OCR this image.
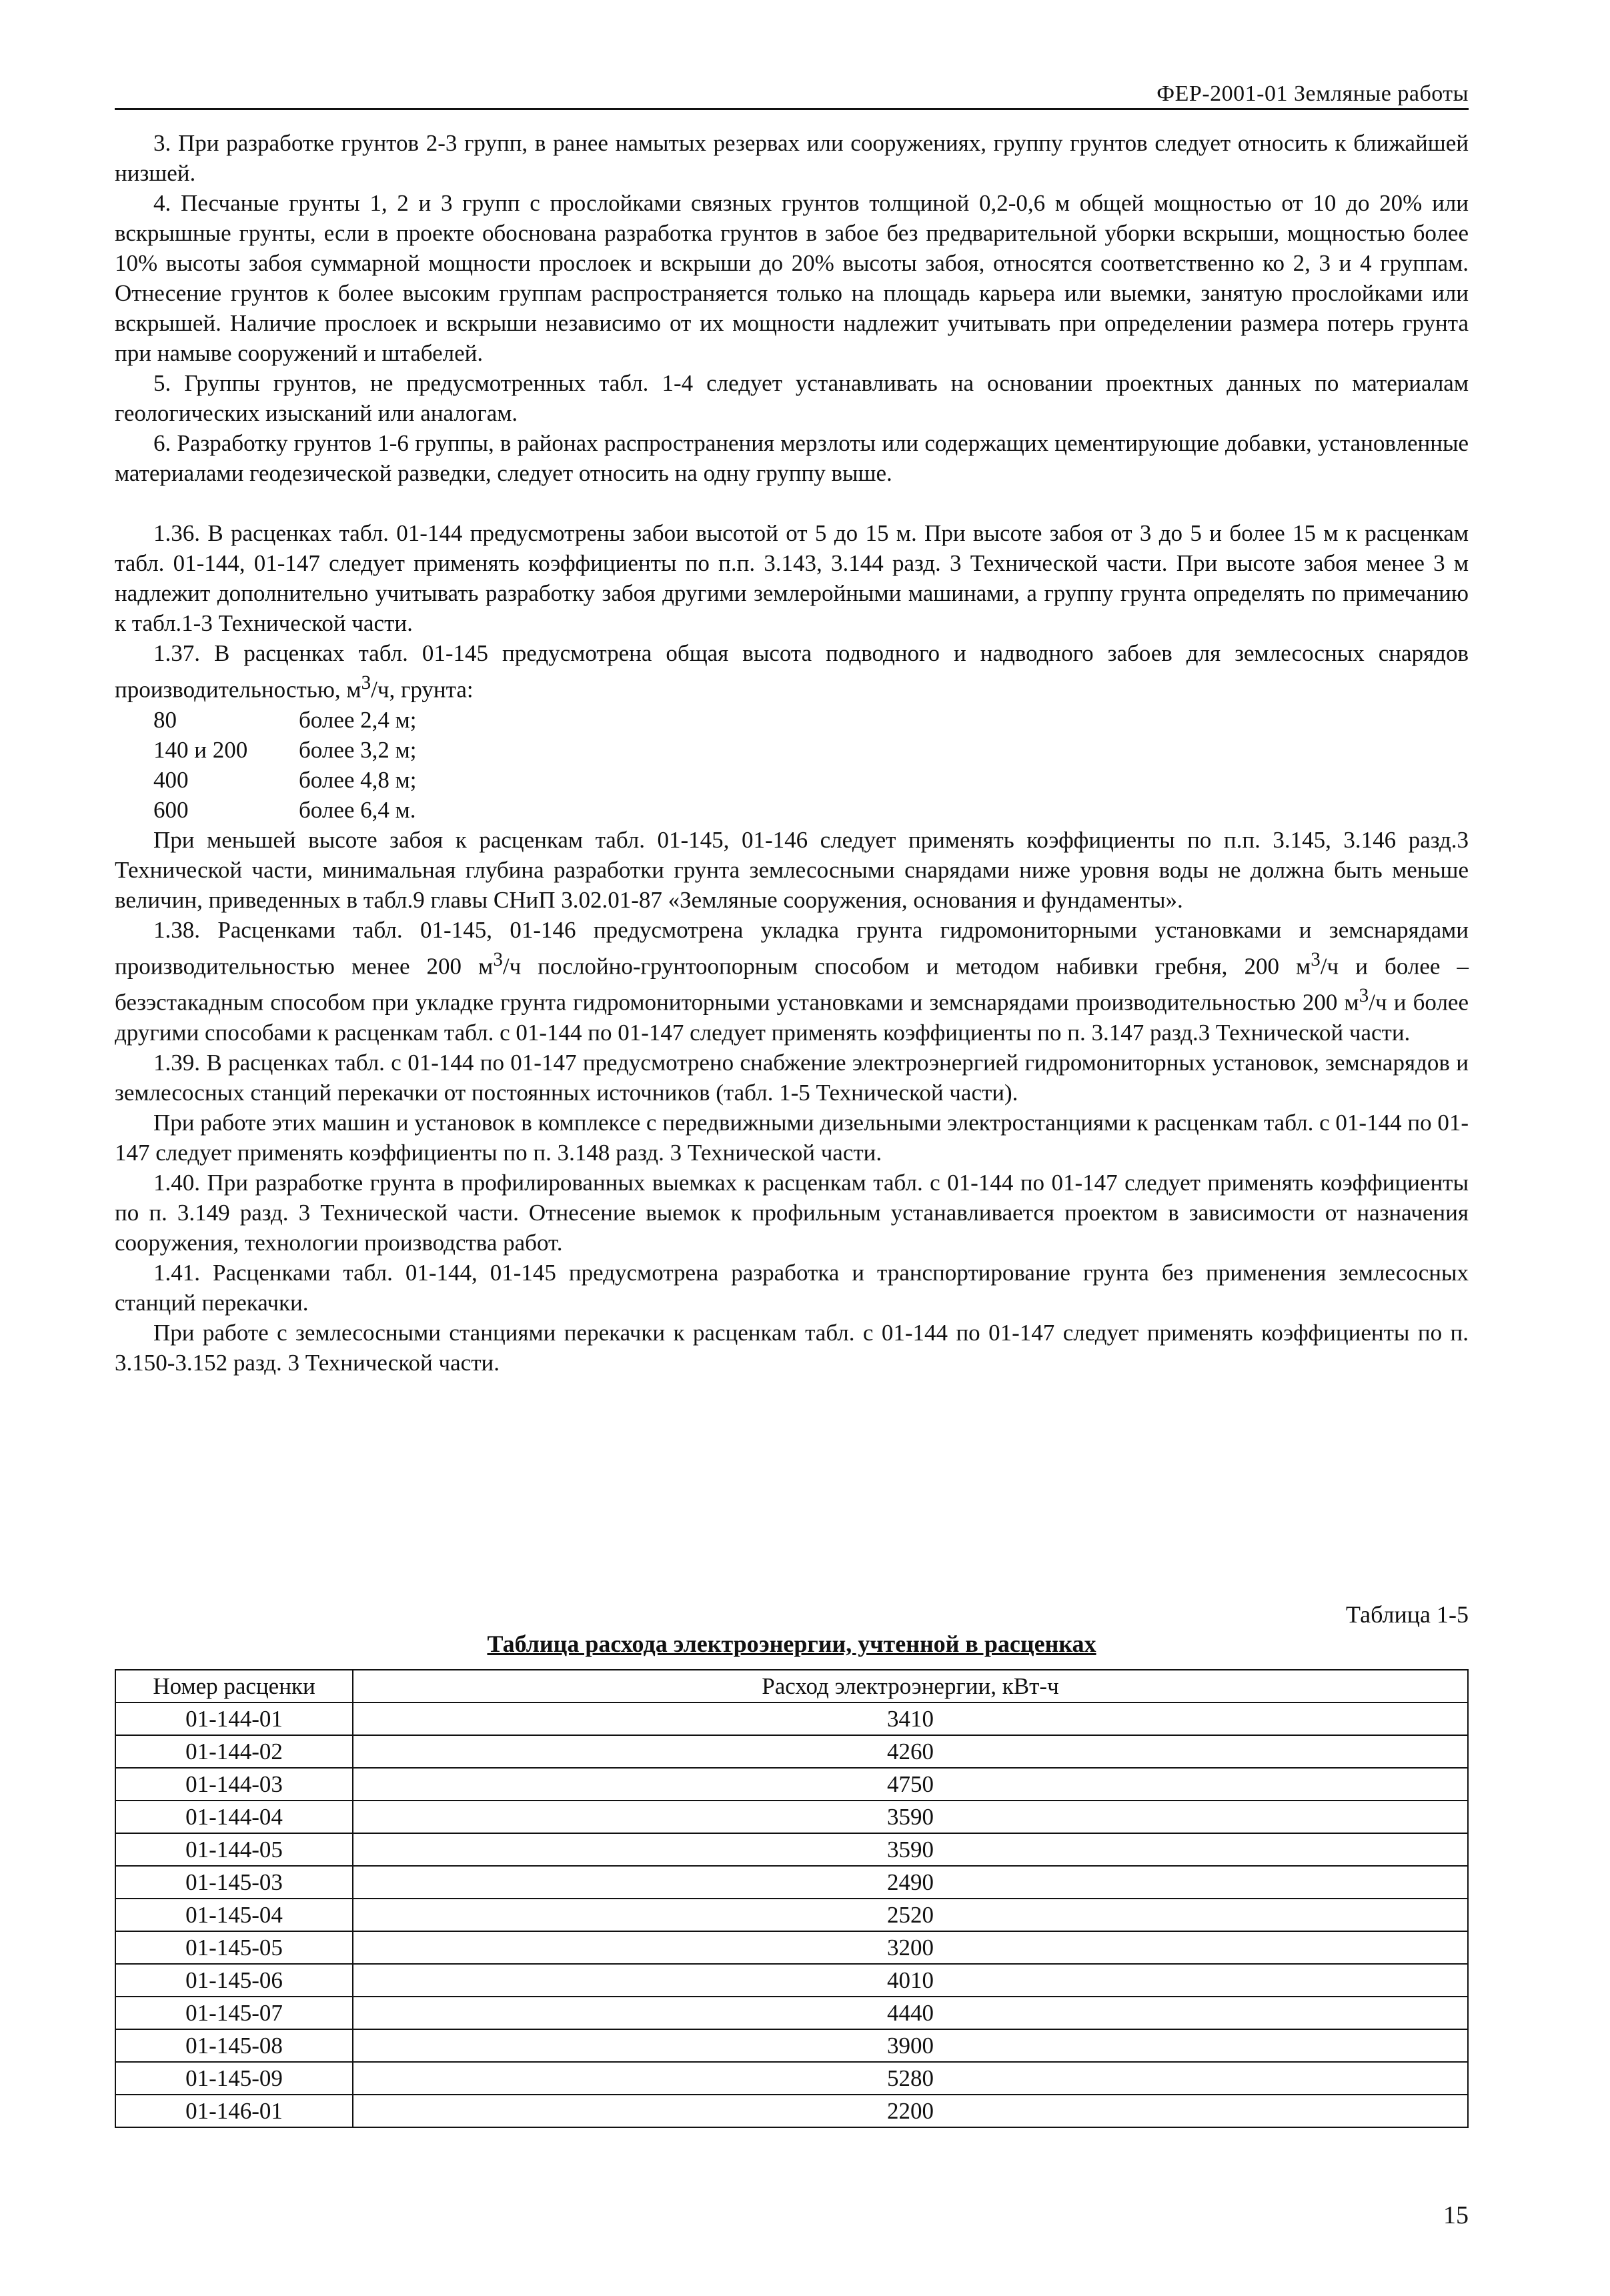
ФЕР-2001-01 Земляные работы

3. При разработке грунтов 2-3 групп, в ранее намытых резервах или сооружениях, группу грунтов следует относить к ближайшей низшей.

4. Песчаные грунты 1, 2 и 3 групп с прослойками связных грунтов толщиной 0,2-0,6 м общей мощностью от 10 до 20% или вскрышные грунты, если в проекте обоснована разработка грунтов в забое без предварительной уборки вскрыши, мощностью более 10% высоты забоя суммарной мощности прослоек и вскрыши до 20% высоты забоя, относятся соответственно ко 2, 3 и 4 группам. Отнесение грунтов к более высоким группам распространяется только на площадь карьера или выемки, занятую прослойками или вскрышей. Наличие прослоек и вскрыши независимо от их мощности надлежит учитывать при определении размера потерь грунта при намыве сооружений и штабелей.

5. Группы грунтов, не предусмотренных табл. 1-4 следует устанавливать на основании проектных данных по материалам геологических изысканий или аналогам.

6. Разработку грунтов 1-6 группы, в районах распространения мерзлоты или содержащих цементирующие добавки, установленные материалами геодезической разведки, следует относить на одну группу выше.

1.36. В расценках табл. 01-144 предусмотрены забои высотой от 5 до 15 м. При высоте забоя от 3 до 5 и более 15 м к расценкам табл. 01-144, 01-147 следует применять коэффициенты по п.п. 3.143, 3.144 разд. 3 Технической части. При высоте забоя менее 3 м надлежит дополнительно учитывать разработку забоя другими землеройными машинами, а группу грунта определять по примечанию к табл.1-3 Технической части.

1.37. В расценках табл. 01-145 предусмотрена общая высота подводного и надводного забоев для землесосных снарядов производительностью, $м^3/ч$, грунта:

80	более 2,4 м;
140 и 200	более 3,2 м;
400	более 4,8 м;
600	более 6,4 м.

При меньшей высоте забоя к расценкам табл. 01-145, 01-146 следует применять коэффициенты по п.п. 3.145, 3.146 разд.3 Технической части, минимальная глубина разработки грунта землесосными снарядами ниже уровня воды не должна быть меньше величин, приведенных в табл.9 главы СНиП 3.02.01-87 «Земляные сооружения, основания и фундаменты».

1.38. Расценками табл. 01-145, 01-146 предусмотрена укладка грунта гидромониторными установками и земснарядами производительностью менее 200 $м^3/ч$ послойно-грунтоопорным способом и методом набивки гребня, 200 $м^3/ч$ и более – безэстакадным способом при укладке грунта гидромониторными установками и земснарядами производительностью 200 $м^3/ч$ и более другими способами к расценкам табл. с 01-144 по 01-147 следует применять коэффициенты по п. 3.147 разд.3 Технической части.

1.39. В расценках табл. с 01-144 по 01-147 предусмотрено снабжение электроэнергией гидромониторных установок, земснарядов и землесосных станций перекачки от постоянных источников (табл. 1-5 Технической части).

При работе этих машин и установок в комплексе с передвижными дизельными электростанциями к расценкам табл. с 01-144 по 01-147 следует применять коэффициенты по п. 3.148 разд. 3 Технической части.

1.40. При разработке грунта в профилированных выемках к расценкам табл. с 01-144 по 01-147 следует применять коэффициенты по п. 3.149 разд. 3 Технической части. Отнесение выемок к профильным устанавливается проектом в зависимости от назначения сооружения, технологии производства работ.

1.41. Расценками табл. 01-144, 01-145 предусмотрена разработка и транспортирование грунта без применения землесосных станций перекачки.

При работе с землесосными станциями перекачки к расценкам табл. с 01-144 по 01-147 следует применять коэффициенты по п. 3.150-3.152 разд. 3 Технической части.

Таблица 1-5
Таблица расхода электроэнергии, учтенной в расценках
Номер расценки	Расход электроэнергии, кВт-ч
01-144-01	3410
01-144-02	4260
01-144-03	4750
01-144-04	3590
01-144-05	3590
01-145-03	2490
01-145-04	2520
01-145-05	3200
01-145-06	4010
01-145-07	4440
01-145-08	3900
01-145-09	5280
01-146-01	2200
15
